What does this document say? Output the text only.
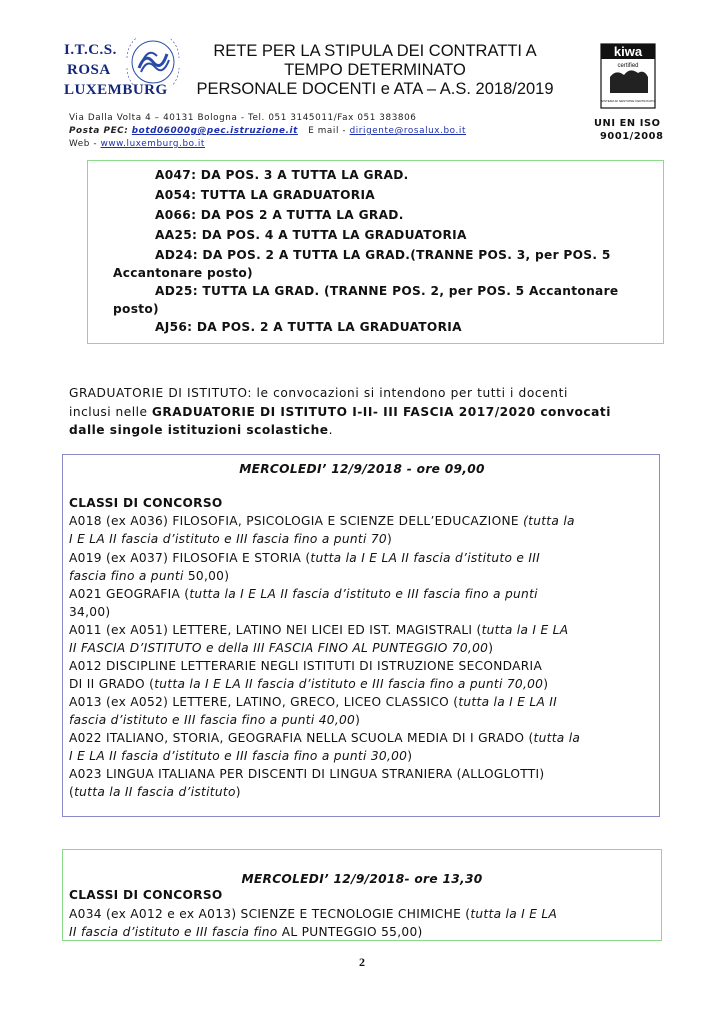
I.T.C.S.
ROSA
LUXEMBURG
RETE PER LA STIPULA DEI CONTRATTI A
TEMPO DETERMINATO
PERSONALE DOCENTI e ATA – A.S. 2018/2019
kiwa
certified
SISTEMA DI GESTIONE CERTIFICATO
Via Dalla Volta 4 – 40131 Bologna - Tel. 051 3145011/Fax 051 383806
Posta PEC: botd06000g@pec.istruzione.it E mail - dirigente@rosalux.bo.it
Web - www.luxemburg.bo.it
UNI EN ISO
9001/2008
A047: DA POS. 3 A TUTTA LA GRAD.
A054: TUTTA LA GRADUATORIA
A066: DA POS 2 A TUTTA LA GRAD.
AA25: DA POS. 4 A TUTTA LA GRADUATORIA
AD24: DA POS. 2 A TUTTA LA GRAD.(TRANNE POS. 3, per POS. 5
Accantonare posto)
AD25: TUTTA LA GRAD. (TRANNE POS. 2, per POS. 5 Accantonare
posto)
AJ56: DA POS. 2 A TUTTA LA GRADUATORIA
GRADUATORIE DI ISTITUTO: le convocazioni si intendono per tutti i docenti
inclusi nelle GRADUATORIE DI ISTITUTO I-II- III FASCIA 2017/2020 convocati
dalle singole istituzioni scolastiche.
MERCOLEDI’ 12/9/2018 - ore 09,00
CLASSI DI CONCORSO
A018 (ex A036) FILOSOFIA, PSICOLOGIA E SCIENZE DELL’EDUCAZIONE (tutta la
I E LA II fascia d’istituto e III fascia fino a punti 70)
A019 (ex A037) FILOSOFIA E STORIA (tutta la I E LA II fascia d’istituto e III
fascia fino a punti 50,00)
A021 GEOGRAFIA (tutta la I E LA II fascia d’istituto e III fascia fino a punti
34,00)
A011 (ex A051) LETTERE, LATINO NEI LICEI ED IST. MAGISTRALI (tutta la I E LA
II FASCIA D’ISTITUTO e della III FASCIA FINO AL PUNTEGGIO 70,00)
A012 DISCIPLINE LETTERARIE NEGLI ISTITUTI DI ISTRUZIONE SECONDARIA
DI II GRADO (tutta la I E LA II fascia d’istituto e III fascia fino a punti 70,00)
A013 (ex A052) LETTERE, LATINO, GRECO, LICEO CLASSICO (tutta la I E LA II
fascia d’istituto e III fascia fino a punti 40,00)
A022 ITALIANO, STORIA, GEOGRAFIA NELLA SCUOLA MEDIA DI I GRADO (tutta la
I E LA II fascia d’istituto e III fascia fino a punti 30,00)
A023 LINGUA ITALIANA PER DISCENTI DI LINGUA STRANIERA (ALLOGLOTTI)
(tutta la II fascia d’istituto)
MERCOLEDI’ 12/9/2018- ore 13,30
CLASSI DI CONCORSO
A034 (ex A012 e ex A013) SCIENZE E TECNOLOGIE CHIMICHE (tutta la I E LA
II fascia d’istituto e III fascia fino AL PUNTEGGIO 55,00)
2
